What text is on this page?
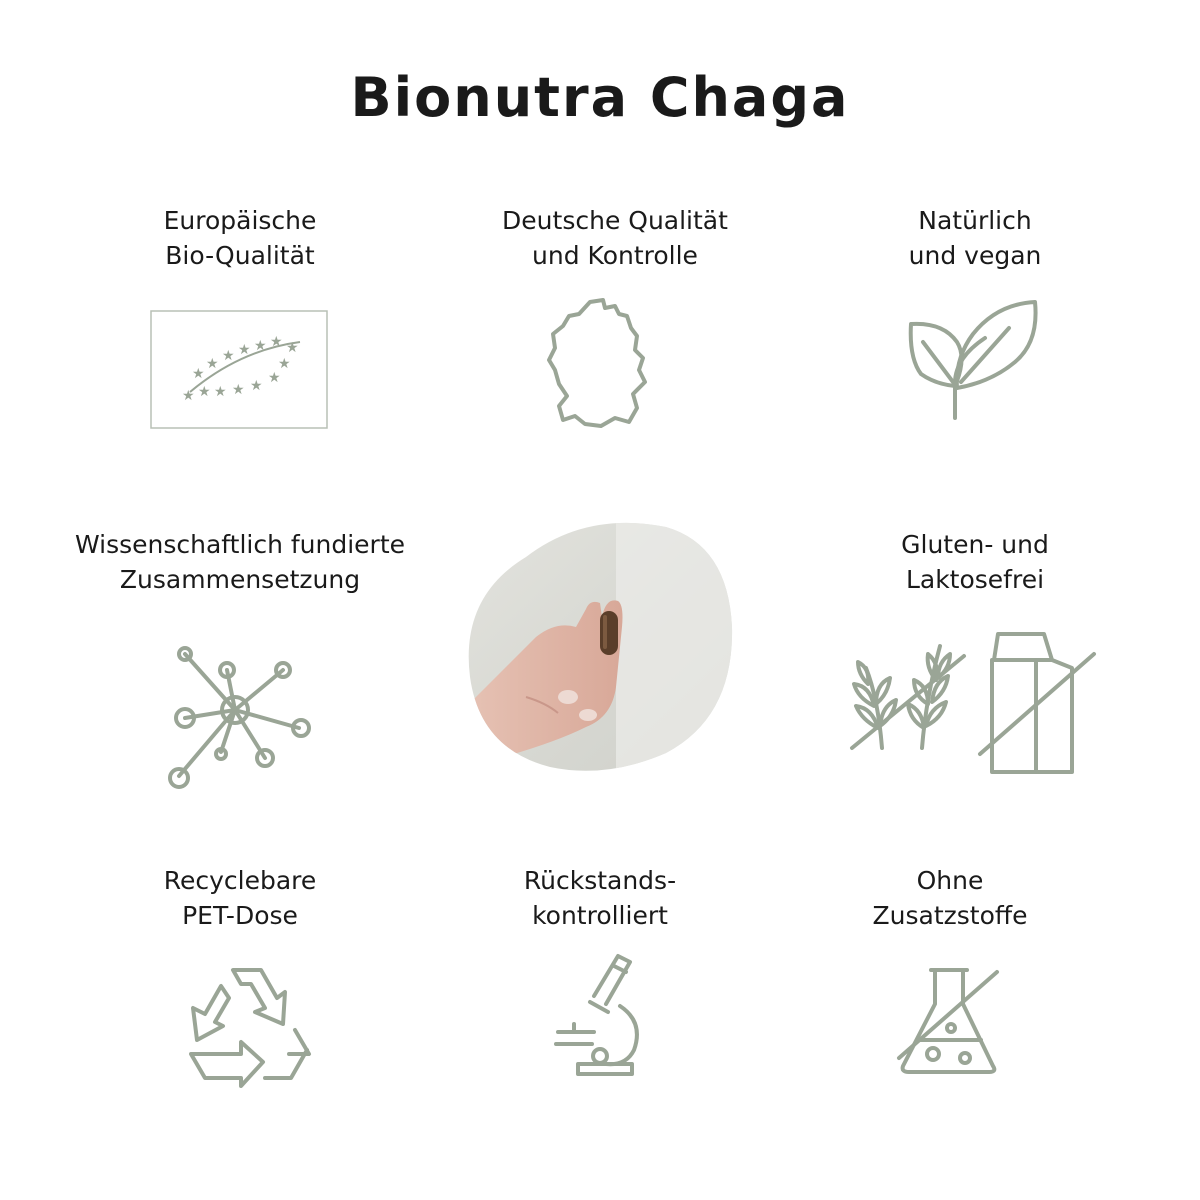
Bionutra Chaga

Europäische
Bio-Qualität

★ ★
★
★
★
★
★
★
★
★
★
★
★
★

Deutsche Qualität
und Kontrolle

Natürlich
und vegan

Wissenschaftlich fundierte
Zusammensetzung

Gluten- und
Laktosefrei

Recyclebare
PET-Dose

Rückstands-
kontrolliert

Ohne
Zusatzstoffe
